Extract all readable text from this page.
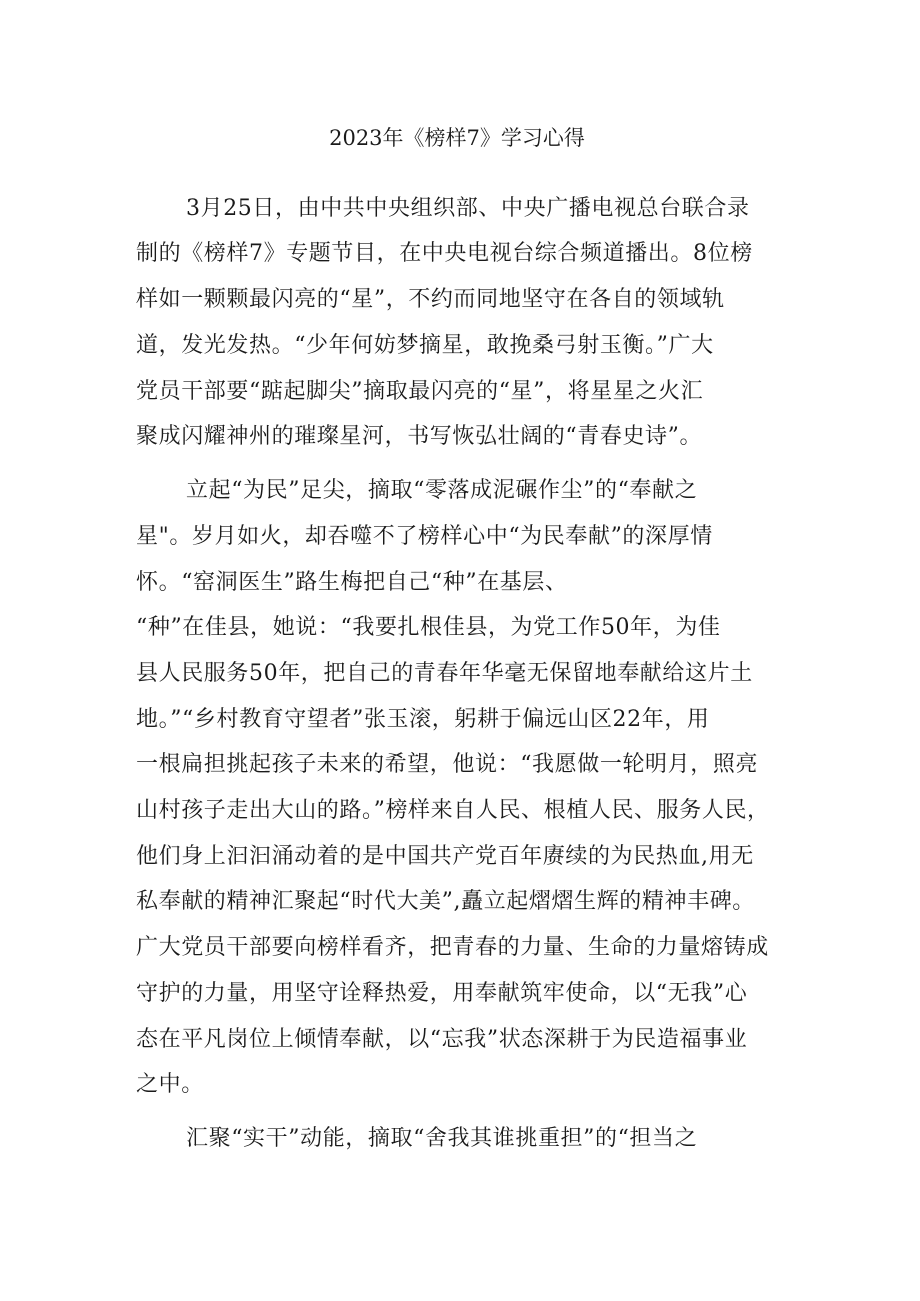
2023年《榜样7》学习心得
3月25日，由中共中央组织部、中央广播电视总台联合录
制的《榜样7》专题节目，在中央电视台综合频道播出。8位榜
样如一颗颗最闪亮的“星”，不约而同地坚守在各自的领域轨
道，发光发热。“少年何妨梦摘星，敢挽桑弓射玉衡。”广大
党员干部要“踮起脚尖”摘取最闪亮的“星”，将星星之火汇
聚成闪耀神州的璀璨星河，书写恢弘壮阔的“青春史诗”。
立起“为民”足尖，摘取“零落成泥碾作尘”的“奉献之
星"。岁月如火，却吞噬不了榜样心中“为民奉献”的深厚情
怀。“窑洞医生”路生梅把自己“种”在基层、
“种”在佳县，她说：“我要扎根佳县，为党工作50年，为佳
县人民服务50年，把自己的青春年华毫无保留地奉献给这片土
地。”“乡村教育守望者”张玉滚，躬耕于偏远山区22年，用
一根扁担挑起孩子未来的希望，他说：“我愿做一轮明月，照亮
山村孩子走出大山的路。”榜样来自人民、根植人民、服务人民，
他们身上汩汩涌动着的是中国共产党百年赓续的为民热血,用无
私奉献的精神汇聚起“时代大美”,矗立起熠熠生辉的精神丰碑。
广大党员干部要向榜样看齐，把青春的力量、生命的力量熔铸成
守护的力量，用坚守诠释热爱，用奉献筑牢使命，以“无我”心
态在平凡岗位上倾情奉献，以“忘我”状态深耕于为民造福事业
之中。
汇聚“实干”动能，摘取“舍我其谁挑重担”的“担当之
